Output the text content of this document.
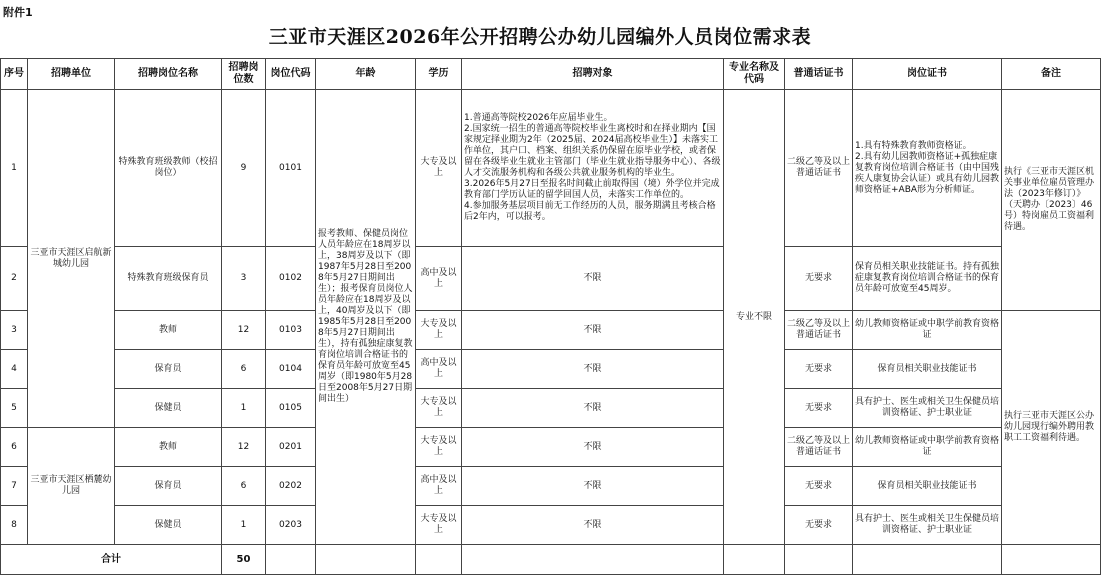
附件1
三亚市天涯区2026年公开招聘公办幼儿园编外人员岗位需求表
序号	招聘单位	招聘岗位名称	招聘岗位数	岗位代码	年龄	学历	招聘对象	专业名称及代码	普通话证书	岗位证书	备注
1	三亚市天涯区启航新城幼儿园	特殊教育班级教师（校招岗位）	9	0101	报考教师、保健员岗位人员年龄应在18周岁以上，38周岁及以下（即1987年5月28日至2008年5月27日期间出生）；报考保育员岗位人员年龄应在18周岁及以上，40周岁及以下（即1985年5月28日至2008年5月27日期间出生），持有孤独症康复教育岗位培训合格证书的保育员年龄可放宽至45周岁（即1980年5月28日至2008年5月27日期间出生）	大专及以上	1.普通高等院校2026年应届毕业生。
2.国家统一招生的普通高等院校毕业生离校时和在择业期内【国家规定择业期为2年（2025届、2024届高校毕业生）】未落实工作单位，其户口、档案、组织关系仍保留在原毕业学校，或者保留在各级毕业生就业主管部门（毕业生就业指导服务中心）、各级人才交流服务机构和各级公共就业服务机构的毕业生。
3.2026年5月27日至报名时间截止前取得国（境）外学位并完成教育部门学历认证的留学回国人员，未落实工作单位的。
4.参加服务基层项目前无工作经历的人员，服务期满且考核合格后2年内，可以报考。	专业不限	二级乙等及以上普通话证书	1.具有特殊教育教师资格证。
2.具有幼儿园教师资格证+孤独症康复教育岗位培训合格证书（由中国残疾人康复协会认证）或具有幼儿园教师资格证+ABA形为分析师证。	执行《三亚市天涯区机关事业单位雇员管理办法（2023年修订）》（天聘办〔2023〕46号）特岗雇员工资福利待遇。
2		特殊教育班级保育员	3	0102		高中及以上	不限		无要求	保育员相关职业技能证书。持有孤独症康复教育岗位培训合格证书的保育员年龄可放宽至45周岁。	
3		教师	12	0103		大专及以上	不限		二级乙等及以上普通话证书	幼儿教师资格证或中职学前教育资格证	执行三亚市天涯区公办幼儿园现行编外聘用教职工工资福利待遇。
4		保育员	6	0104		高中及以上	不限		无要求	保育员相关职业技能证书	
5		保健员	1	0105		大专及以上	不限		无要求	具有护士、医生或相关卫生保健员培训资格证、护士职业证	
6	三亚市天涯区栖麓幼儿园	教师	12	0201		大专及以上	不限		二级乙等及以上普通话证书	幼儿教师资格证或中职学前教育资格证	
7		保育员	6	0202		高中及以上	不限		无要求	保育员相关职业技能证书	
8		保健员	1	0203		大专及以上	不限		无要求	具有护士、医生或相关卫生保健员培训资格证、护士职业证	
合计			50								
